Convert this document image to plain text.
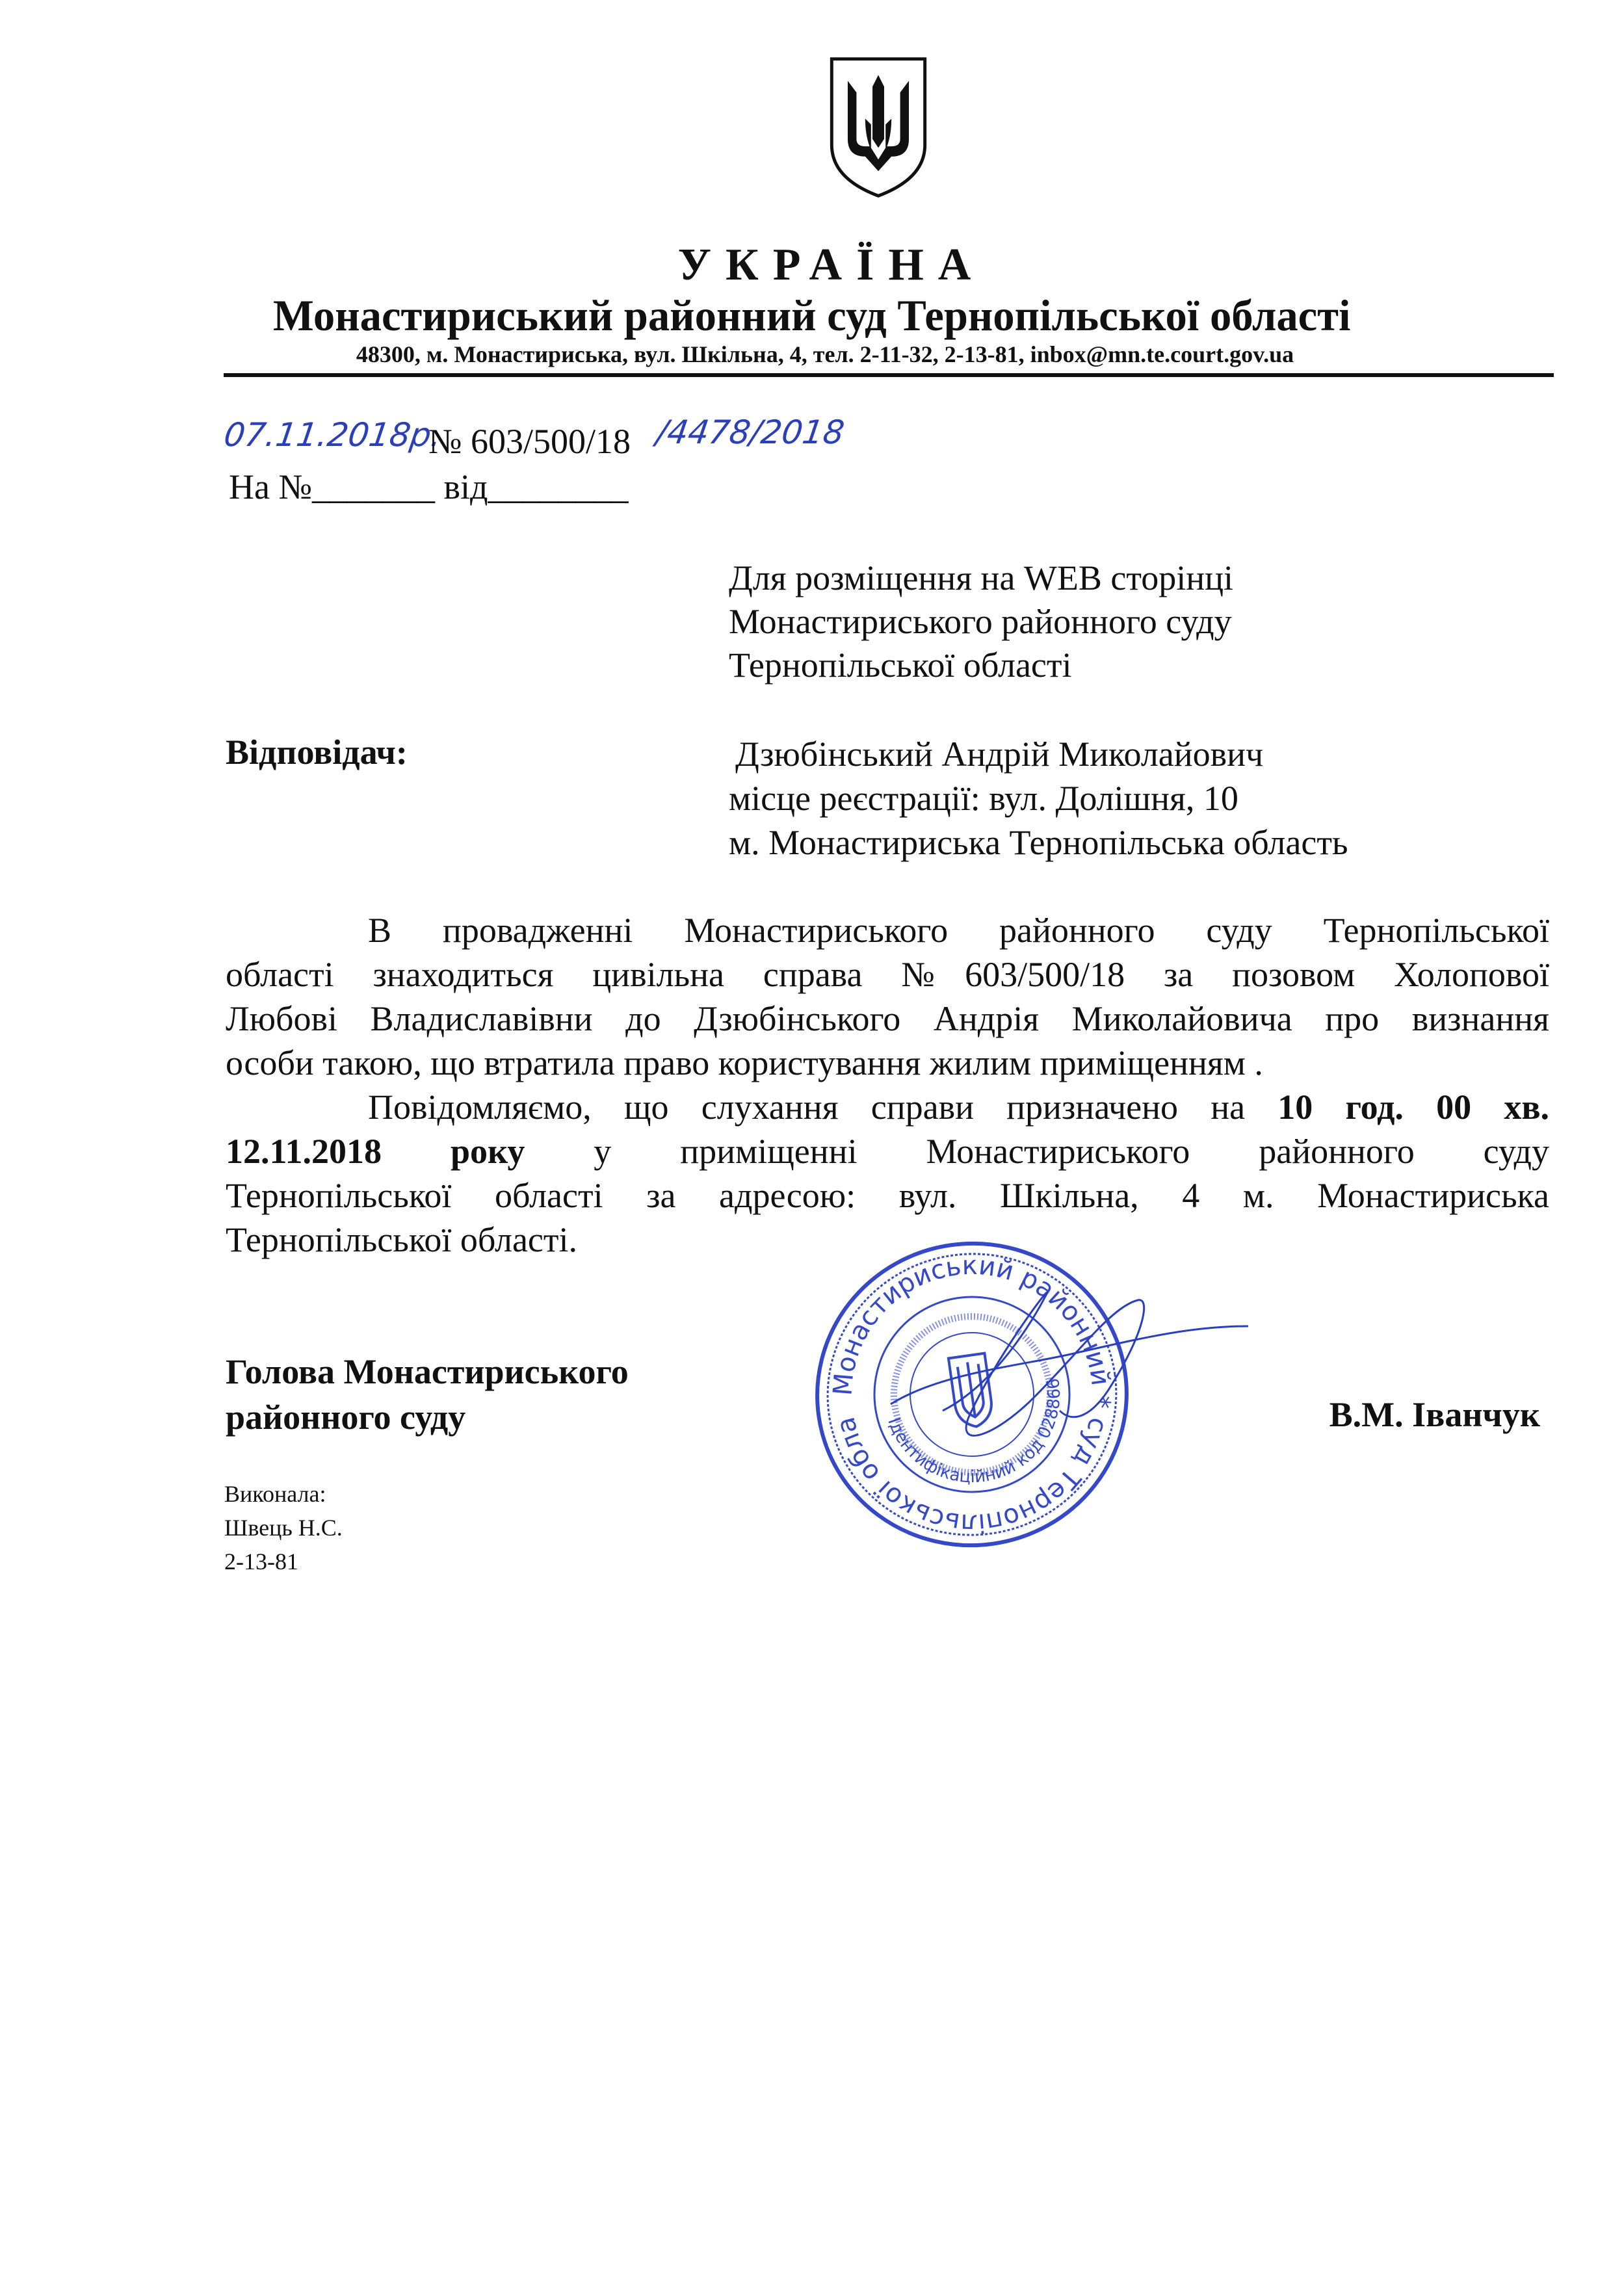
УКРАЇНА
Монастириський районний суд Тернопільської області
48300, м. Монастириська, вул. Шкільна, 4, тел. 2-11-32, 2-13-81, inbox@mn.te.court.gov.ua
07.11.2018р.
№ 603/500/18 /4478/2018
На №_______ від________
Для розміщення на WEB сторінці
Монастириського районного суду
Тернопільської області
Відповідач:	Дзюбінський Андрій Миколайович
місце реєстрації: вул. Долішня, 10
м. Монастириська Тернопільська область
В провадженні Монастириського районного суду Тернопільської
області знаходиться цивільна справа №603/500/18 за позовом Холопової
Любові Владиславівни до Дзюбінського Андрія Миколайовича про визнання
особи такою, що втратила право користування жилим приміщенням .
Повідомляємо, що слухання справи призначено на 10 год. 00 хв.
12.11.2018 року у приміщенні Монастириського районного суду
Тернопільської області за адресою: вул. Шкільна, 4 м. Монастириська
Тернопільської області.
Монастириський районний * суд Тернопільської області
Ідентифікаційний код 02886634
Голова Монастириського
районного суду	В.М. Іванчук
Виконала:
Швець Н.С.
2-13-81
